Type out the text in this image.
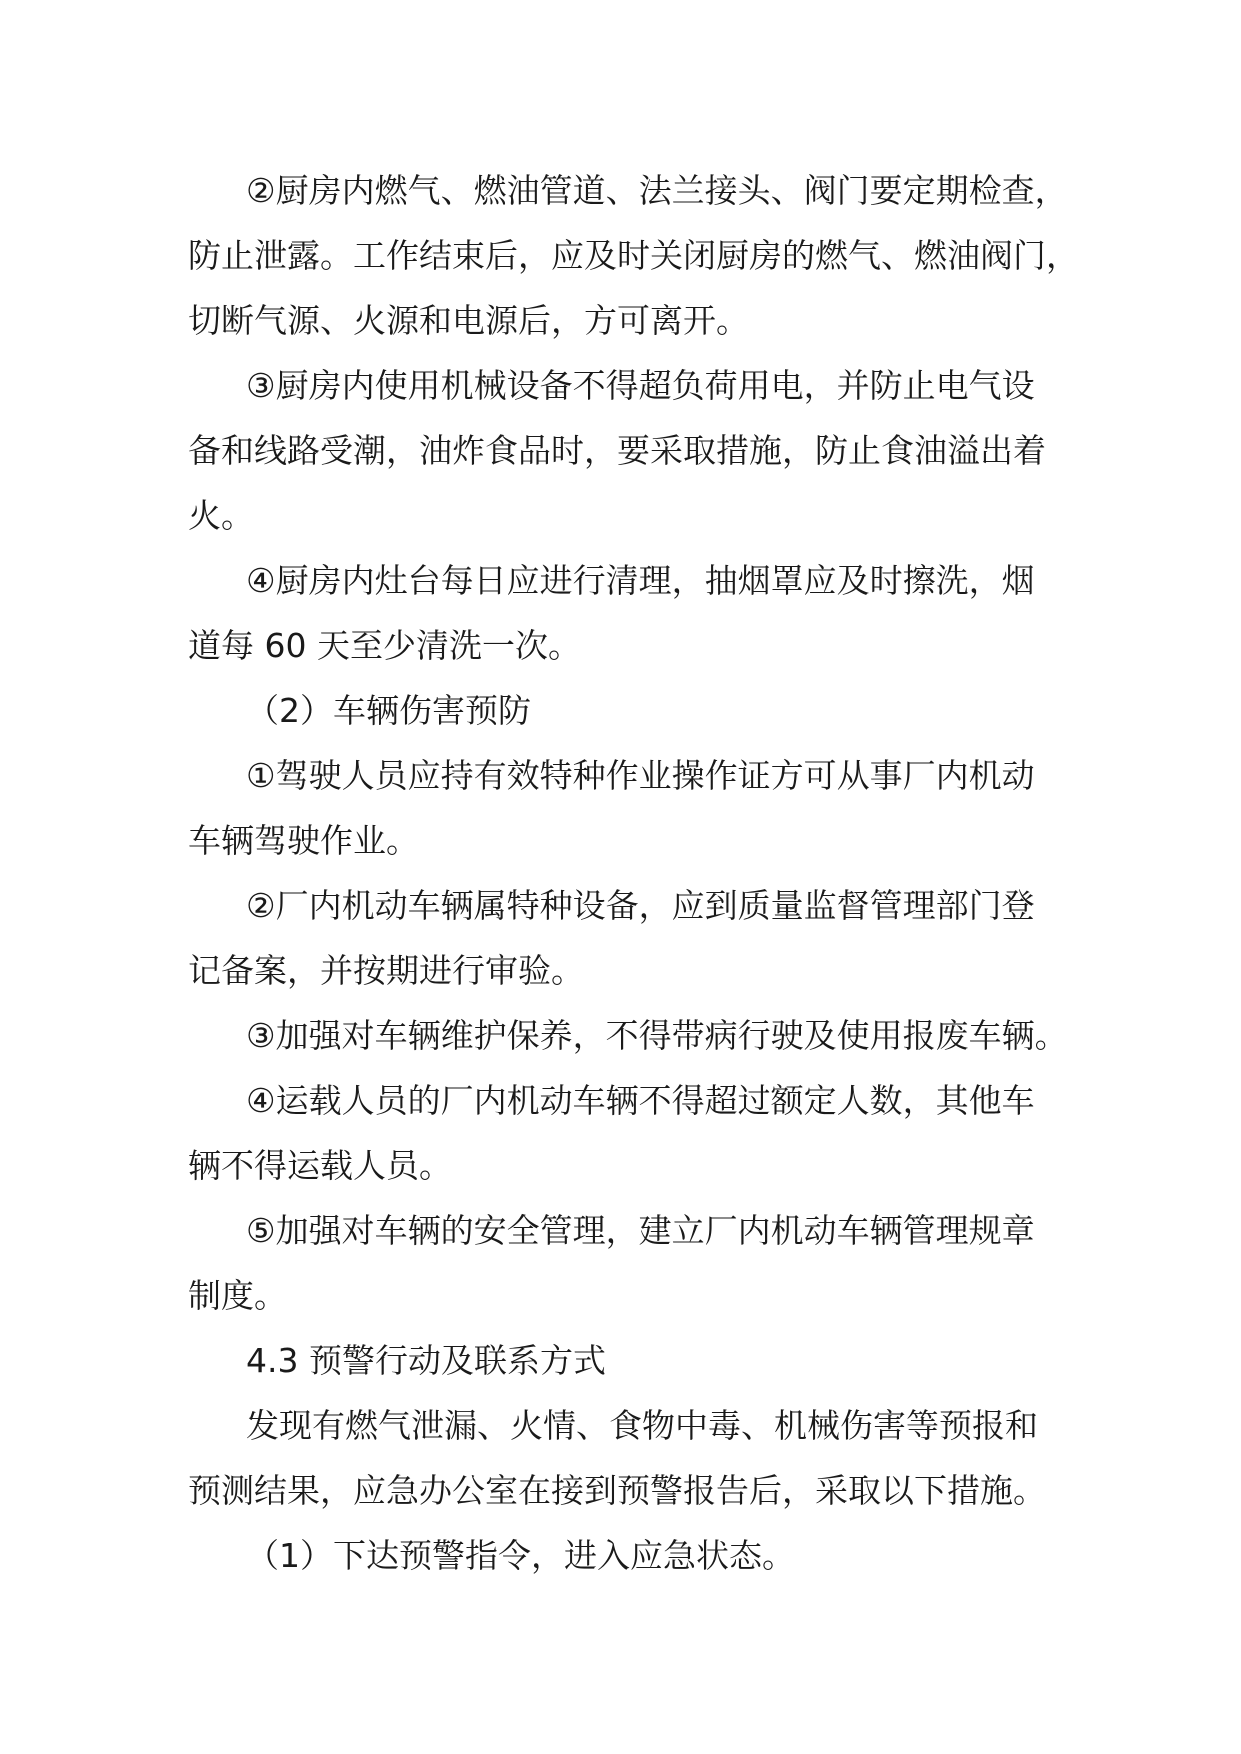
②厨房内燃气、燃油管道、法兰接头、阀门要定期检查，
防止泄露。工作结束后，应及时关闭厨房的燃气、燃油阀门，
切断气源、火源和电源后，方可离开。

③厨房内使用机械设备不得超负荷用电，并防止电气设
备和线路受潮，油炸食品时，要采取措施，防止食油溢出着
火。

④厨房内灶台每日应进行清理，抽烟罩应及时擦洗，烟
道每 60 天至少清洗一次。

（2）车辆伤害预防

①驾驶人员应持有效特种作业操作证方可从事厂内机动
车辆驾驶作业。

②厂内机动车辆属特种设备，应到质量监督管理部门登
记备案，并按期进行审验。

③加强对车辆维护保养，不得带病行驶及使用报废车辆。

④运载人员的厂内机动车辆不得超过额定人数，其他车
辆不得运载人员。

⑤加强对车辆的安全管理，建立厂内机动车辆管理规章
制度。

4.3 预警行动及联系方式

发现有燃气泄漏、火情、食物中毒、机械伤害等预报和
预测结果，应急办公室在接到预警报告后，采取以下措施。

（1）下达预警指令，进入应急状态。
